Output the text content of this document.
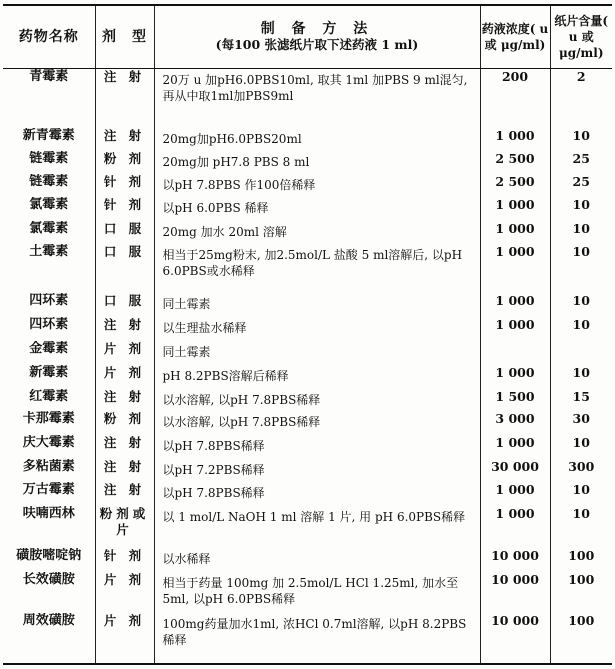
药物名称	剂　型	制 备 方 法
(每100 张滤纸片取下述药液 1 ml)	药液浓度( u 或 μg/ml)	纸片含量( u 或 μg/ml)
青霉素	注 射	20万 u 加pH6.0PBS10ml, 取其 1ml 加PBS 9 ml混匀, 再从中取1ml加PBS9ml	200	2
新青霉素	注 射	20mg加pH6.0PBS20ml	1 000	10
链霉素	粉 剂	20mg加 pH7.8 PBS 8 ml	2 500	25
链霉素	针 剂	以pH 7.8PBS 作100倍稀释	2 500	25
氯霉素	针 剂	以pH 6.0PBS 稀释	1 000	10
氯霉素	口 服	20mg 加水 20ml 溶解	1 000	10
土霉素	口 服	相当于25mg粉末, 加2.5mol/L 盐酸 5 ml溶解后, 以pH 6.0PBS或水稀释	1 000	10
四环素	口 服	同土霉素	1 000	10
四环素	注 射	以生理盐水稀释	1 000	10
金霉素	片 剂	同土霉素		
新霉素	片 剂	pH 8.2PBS溶解后稀释	1 000	10
红霉素	注 射	以水溶解, 以pH 7.8PBS稀释	1 500	15
卡那霉素	粉 剂	以水溶解, 以pH 7.8PBS稀释	3 000	30
庆大霉素	注 射	以pH 7.8PBS稀释	1 000	10
多粘菌素	注 射	以pH 7.2PBS稀释	30 000	300
万古霉素	注 射	以pH 7.8PBS稀释	1 000	10
呋喃西林	粉剂或片	以 1 mol/L NaOH 1 ml 溶解 1 片, 用 pH 6.0PBS稀释	1 000	10
磺胺嘧啶钠	针 剂	以水稀释	10 000	100
长效磺胺	片 剂	相当于药量 100mg 加 2.5mol/L HCl 1.25ml, 加水至5ml, 以pH 6.0PBS稀释	10 000	100
周效磺胺	片 剂	100mg药量加水1ml, 浓HCl 0.7ml溶解, 以pH 8.2PBS稀释	10 000	100
